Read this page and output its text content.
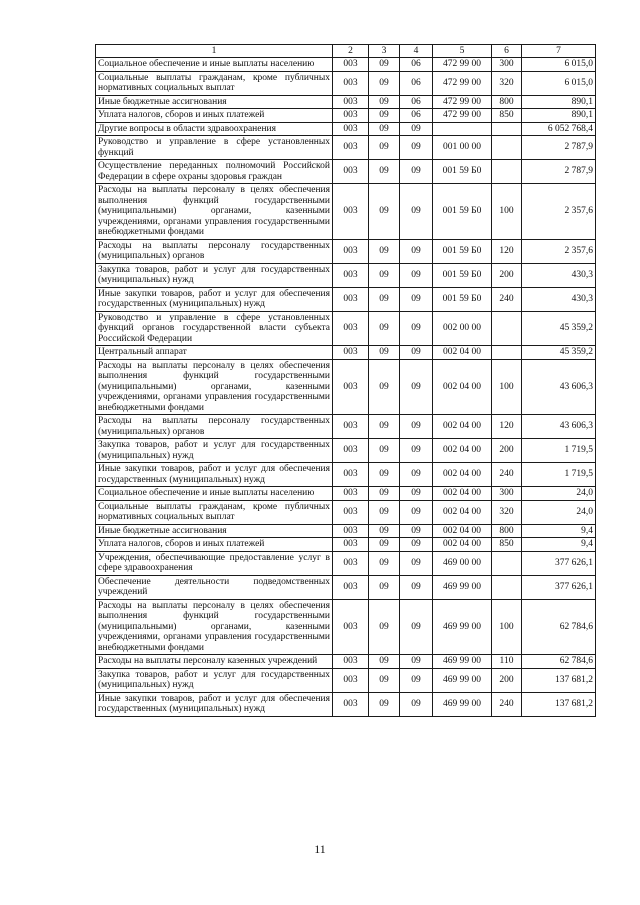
1	2	3	4	5	6	7
Социальное обеспечение и иные выплаты населению	003	09	06	472 99 00	300	6 015,0
Социальные выплаты гражданам, кроме публичных нормативных социальных выплат	003	09	06	472 99 00	320	6 015,0
Иные бюджетные ассигнования	003	09	06	472 99 00	800	890,1
Уплата налогов, сборов и иных платежей	003	09	06	472 99 00	850	890,1
Другие вопросы в области здравоохранения	003	09	09			6 052 768,4
Руководство и управление в сфере установленных функций	003	09	09	001 00 00		2 787,9
Осуществление переданных полномочий Российской Федерации в сфере охраны здоровья граждан	003	09	09	001 59 Б0		2 787,9
Расходы на выплаты персоналу в целях обеспечения выполнения функций государственными (муниципальными) органами, казенными учреждениями, органами управления государственными внебюджетными фондами	003	09	09	001 59 Б0	100	2 357,6
Расходы на выплаты персоналу государственных (муниципальных) органов	003	09	09	001 59 Б0	120	2 357,6
Закупка товаров, работ и услуг для государственных (муниципальных) нужд	003	09	09	001 59 Б0	200	430,3
Иные закупки товаров, работ и услуг для обеспечения государственных (муниципальных) нужд	003	09	09	001 59 Б0	240	430,3
Руководство и управление в сфере установленных функций органов государственной власти субъекта Российской Федерации	003	09	09	002 00 00		45 359,2
Центральный аппарат	003	09	09	002 04 00		45 359,2
Расходы на выплаты персоналу в целях обеспечения выполнения функций государственными (муниципальными) органами, казенными учреждениями, органами управления государственными внебюджетными фондами	003	09	09	002 04 00	100	43 606,3
Расходы на выплаты персоналу государственных (муниципальных) органов	003	09	09	002 04 00	120	43 606,3
Закупка товаров, работ и услуг для государственных (муниципальных) нужд	003	09	09	002 04 00	200	1 719,5
Иные закупки товаров, работ и услуг для обеспечения государственных (муниципальных) нужд	003	09	09	002 04 00	240	1 719,5
Социальное обеспечение и иные выплаты населению	003	09	09	002 04 00	300	24,0
Социальные выплаты гражданам, кроме публичных нормативных социальных выплат	003	09	09	002 04 00	320	24,0
Иные бюджетные ассигнования	003	09	09	002 04 00	800	9,4
Уплата налогов, сборов и иных платежей	003	09	09	002 04 00	850	9,4
Учреждения, обеспечивающие предоставление услуг в сфере здравоохранения	003	09	09	469 00 00		377 626,1
Обеспечение деятельности подведомственных учреждений	003	09	09	469 99 00		377 626,1
Расходы на выплаты персоналу в целях обеспечения выполнения функций государственными (муниципальными) органами, казенными учреждениями, органами управления государственными внебюджетными фондами	003	09	09	469 99 00	100	62 784,6
Расходы на выплаты персоналу казенных учреждений	003	09	09	469 99 00	110	62 784,6
Закупка товаров, работ и услуг для государственных (муниципальных) нужд	003	09	09	469 99 00	200	137 681,2
Иные закупки товаров, работ и услуг для обеспечения государственных (муниципальных) нужд	003	09	09	469 99 00	240	137 681,2
11
